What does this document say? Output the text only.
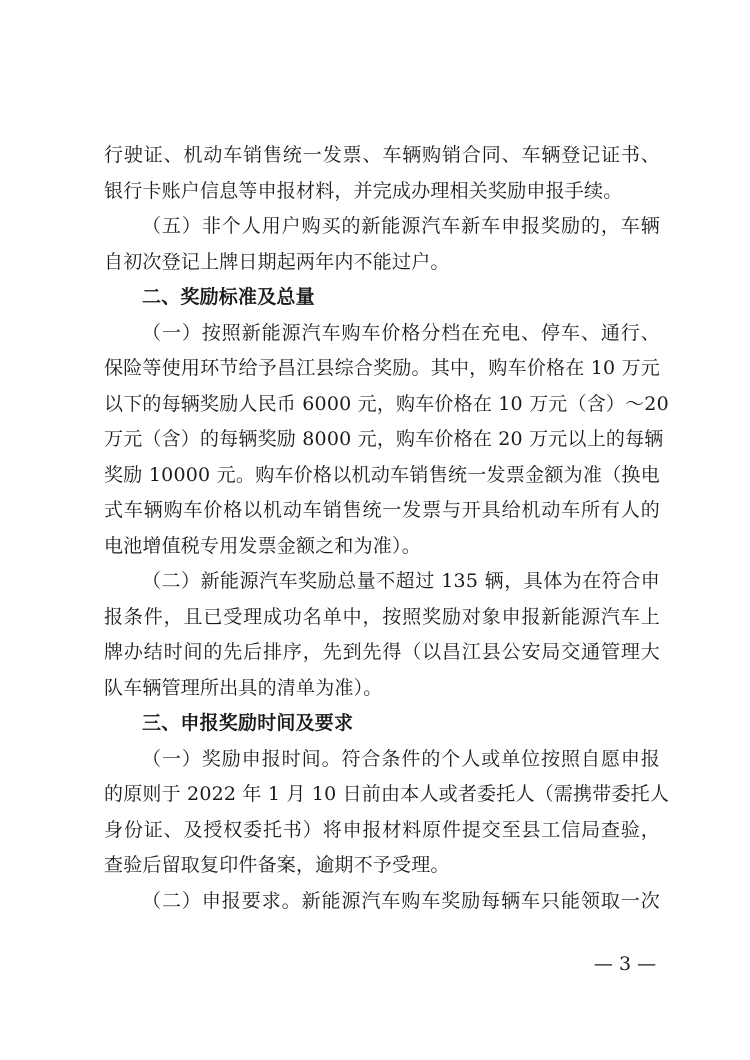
行驶证、机动车销售统一发票、车辆购销合同、车辆登记证书、
银行卡账户信息等申报材料，并完成办理相关奖励申报手续。
（五）非个人用户购买的新能源汽车新车申报奖励的，车辆
自初次登记上牌日期起两年内不能过户。
二、奖励标准及总量
（一）按照新能源汽车购车价格分档在充电、停车、通行、
保险等使用环节给予昌江县综合奖励。其中，购车价格在 10 万元
以下的每辆奖励人民币 6000 元，购车价格在 10 万元（含）～20
万元（含）的每辆奖励 8000 元，购车价格在 20 万元以上的每辆
奖励 10000 元。购车价格以机动车销售统一发票金额为准（换电
式车辆购车价格以机动车销售统一发票与开具给机动车所有人的
电池增值税专用发票金额之和为准）。
（二）新能源汽车奖励总量不超过 135 辆，具体为在符合申
报条件，且已受理成功名单中，按照奖励对象申报新能源汽车上
牌办结时间的先后排序，先到先得（以昌江县公安局交通管理大
队车辆管理所出具的清单为准）。
三、申报奖励时间及要求
（一）奖励申报时间。符合条件的个人或单位按照自愿申报
的原则于 2022 年 1 月 10 日前由本人或者委托人（需携带委托人
身份证、及授权委托书）将申报材料原件提交至县工信局查验，
查验后留取复印件备案，逾期不予受理。
（二）申报要求。新能源汽车购车奖励每辆车只能领取一次
— 3 —
